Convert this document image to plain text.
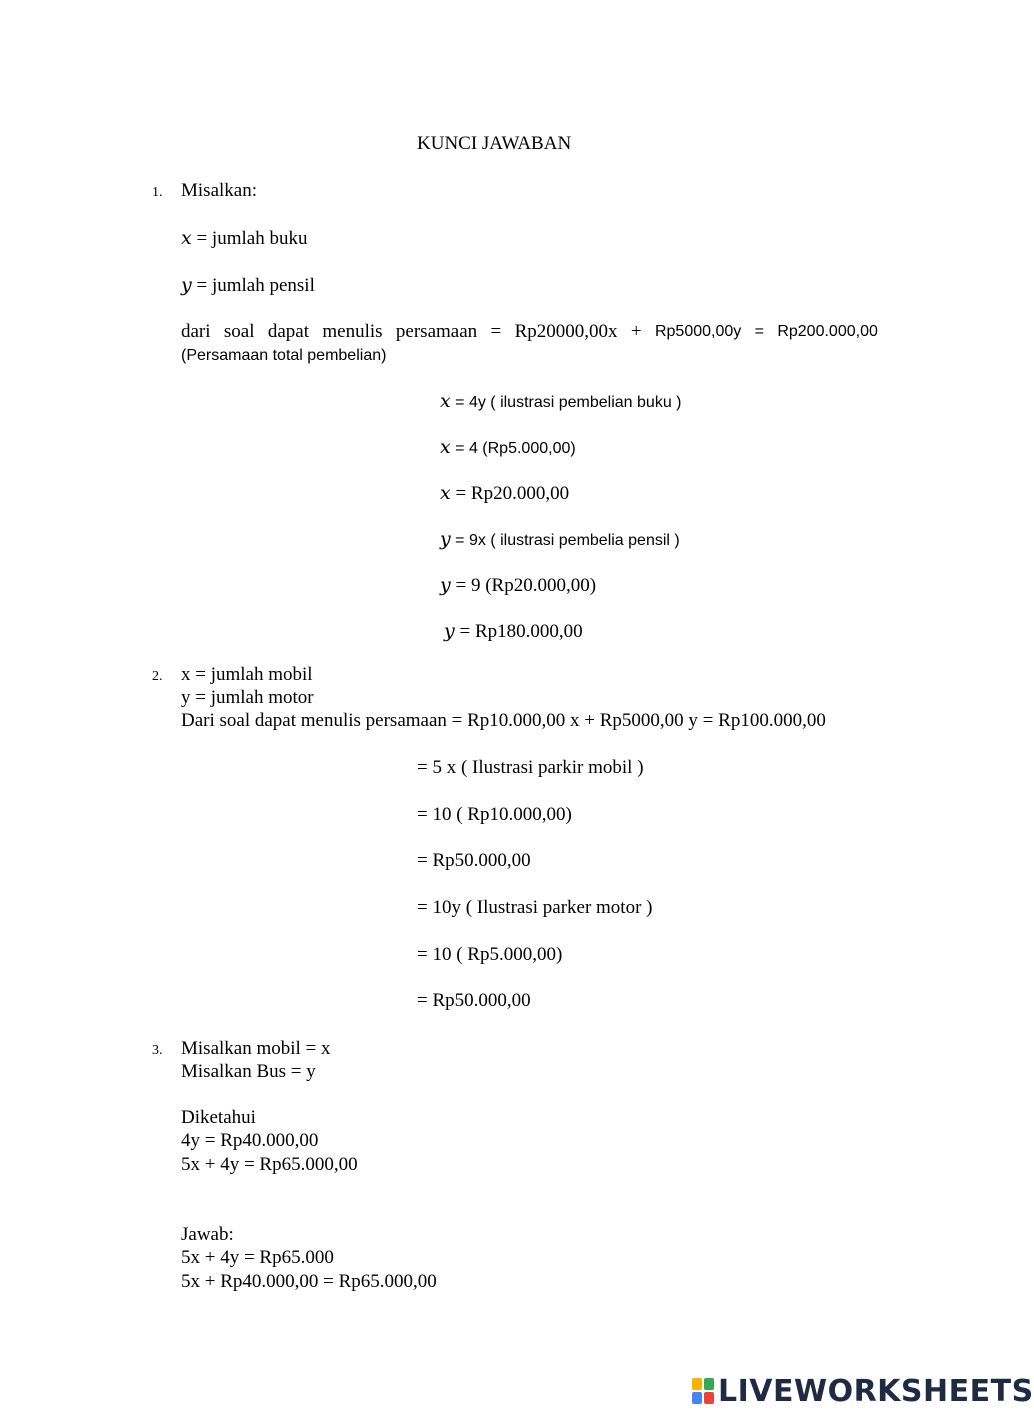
KUNCI JAWABAN
1. Misalkan:
x = jumlah buku
y = jumlah pensil
dari soal dapat menulis persamaan = Rp20000,00x + Rp5000,00y = Rp200.000,00
(Persamaan total pembelian)
x = 4y ( ilustrasi pembelian buku )
x = 4 (Rp5.000,00)
x = Rp20.000,00
y = 9x ( ilustrasi pembelia pensil )
y = 9 (Rp20.000,00)
y = Rp180.000,00
2. x = jumlah mobil
y = jumlah motor
Dari soal dapat menulis persamaan = Rp10.000,00 x + Rp5000,00 y = Rp100.000,00
= 5 x ( Ilustrasi parkir mobil )
= 10 ( Rp10.000,00)
= Rp50.000,00
= 10y ( Ilustrasi parker motor )
= 10 ( Rp5.000,00)
= Rp50.000,00
3. Misalkan mobil = x
Misalkan Bus = y
Diketahui
4y = Rp40.000,00
5x + 4y = Rp65.000,00
Jawab:
5x + 4y = Rp65.000
5x + Rp40.000,00 = Rp65.000,00
LIVEWORKSHEETS
